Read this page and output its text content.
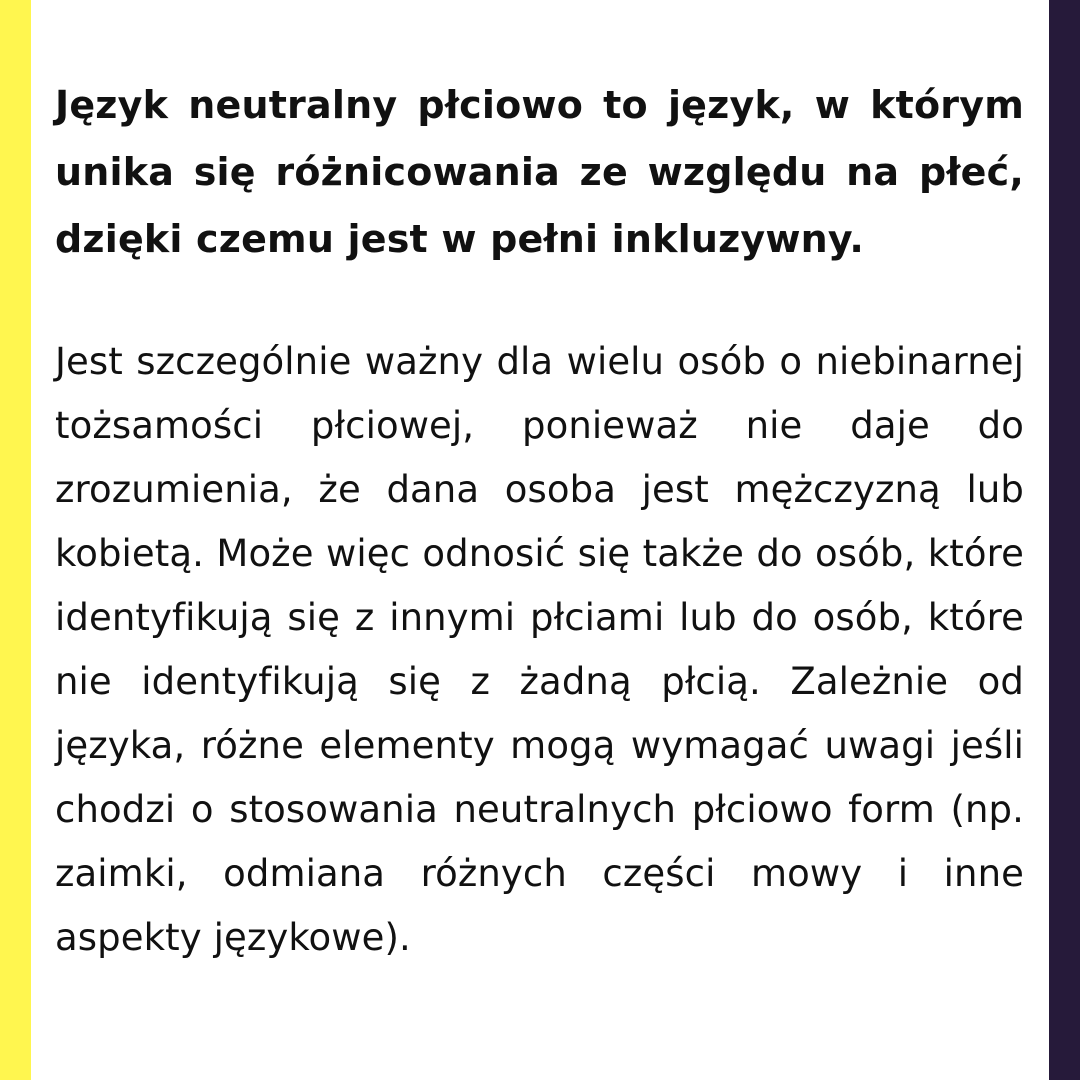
Język neutralny płciowo to język, w którym unika się różnicowania ze względu na płeć, dzięki czemu jest w pełni inkluzywny.

Jest szczególnie ważny dla wielu osób o niebinarnej tożsamości płciowej, ponieważ nie daje do zrozumienia, że dana osoba jest mężczyzną lub kobietą. Może więc odnosić się także do osób, które identyfikują się z innymi płciami lub do osób, które nie identyfikują się z żadną płcią. Zależnie od języka, różne elementy mogą wymagać uwagi jeśli chodzi o stosowania neutralnych płciowo form (np. zaimki, odmiana różnych części mowy i inne aspekty językowe).
